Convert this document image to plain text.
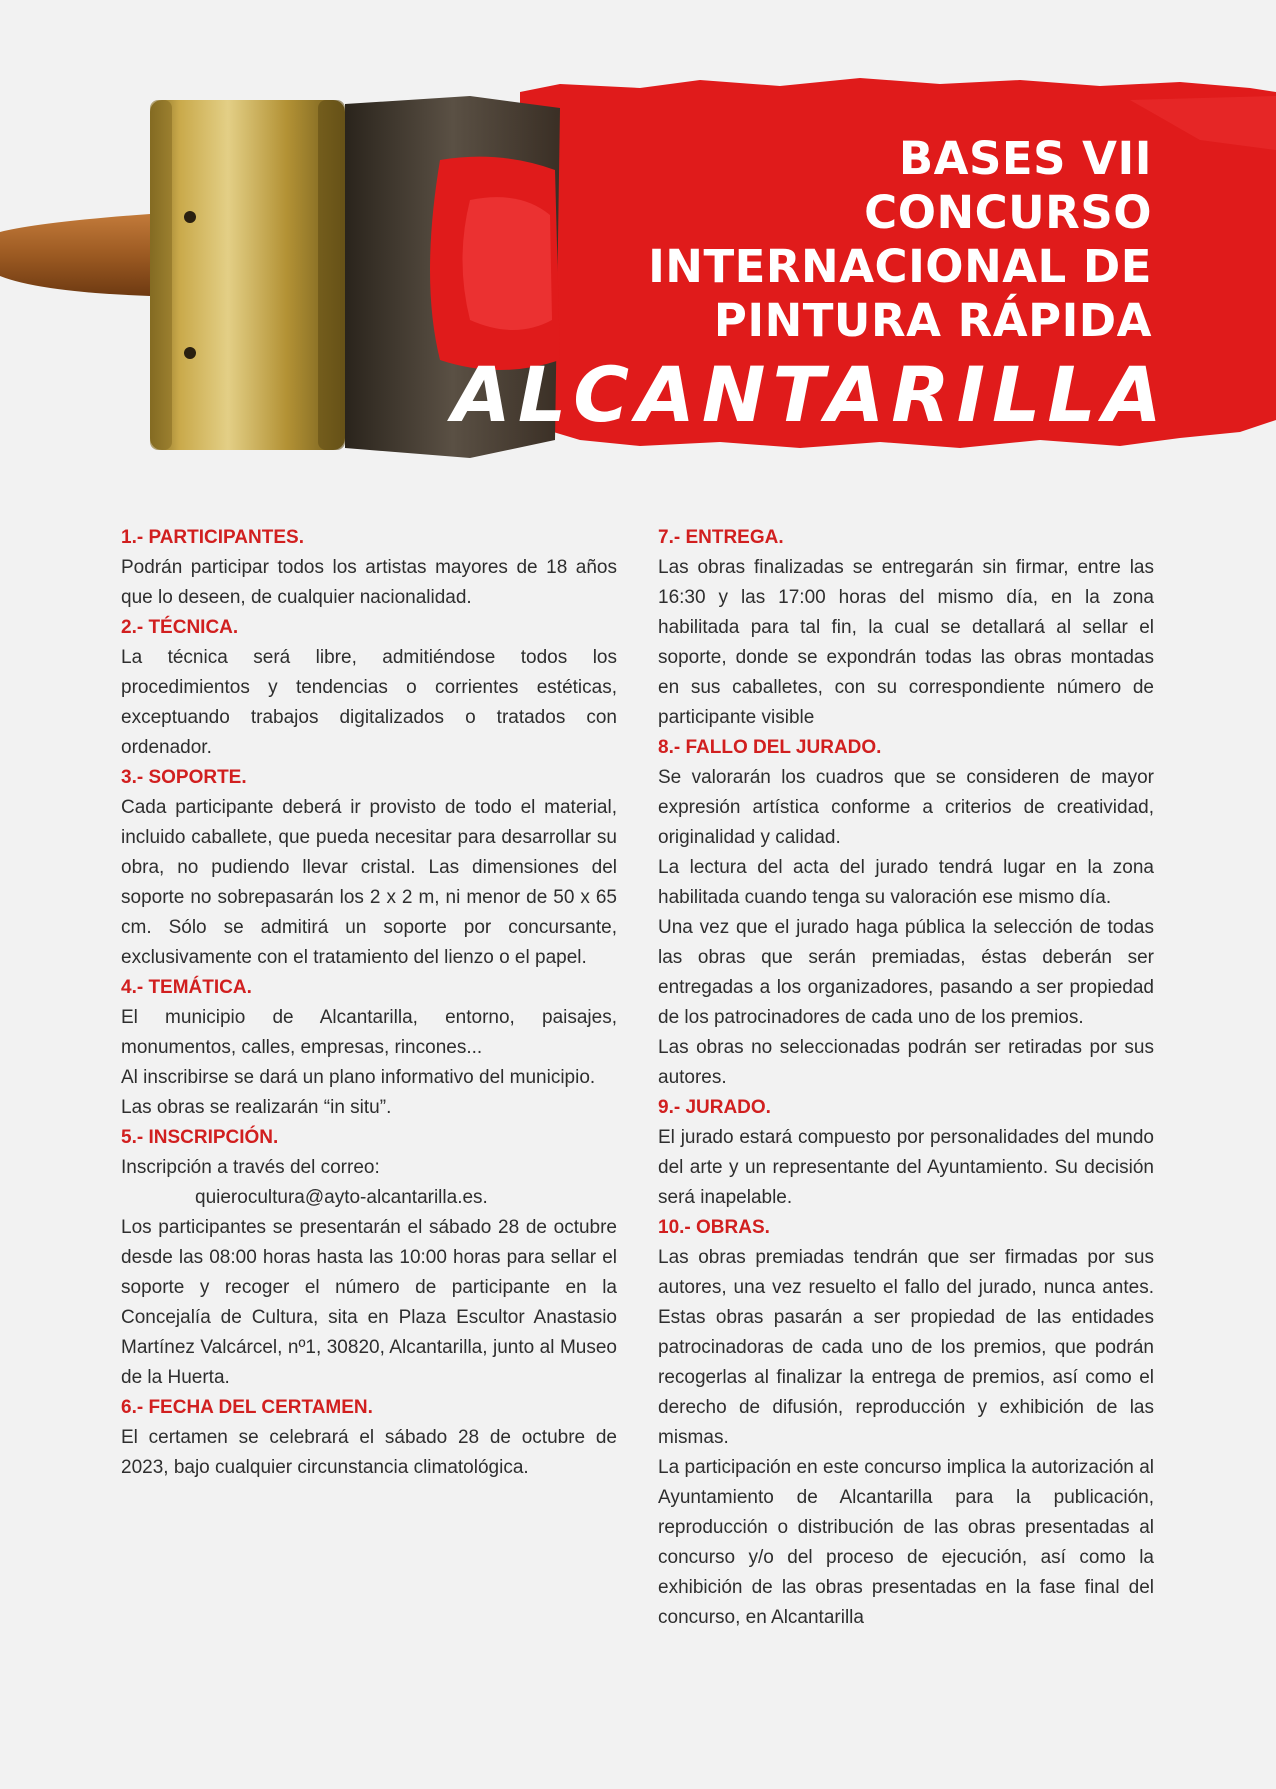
BASES VII
CONCURSO
INTERNACIONAL DE
PINTURA RÁPIDA
ALCANTARILLA

1.- PARTICIPANTES.

Podrán participar todos los artistas mayores de 18 años que lo deseen, de cualquier nacionalidad.

2.- TÉCNICA.

La técnica será libre, admitiéndose todos los procedimientos y tendencias o corrientes estéticas, exceptuando trabajos digitalizados o tratados con ordenador.

3.- SOPORTE.

Cada participante deberá ir provisto de todo el material, incluido caballete, que pueda necesitar para desarrollar su obra, no pudiendo llevar cristal. Las dimensiones del soporte no sobrepasarán los 2 x 2 m, ni menor de 50 x 65 cm. Sólo se admitirá un soporte por concursante, exclusivamente con el tratamiento del lienzo o el papel.

4.- TEMÁTICA.

El municipio de Alcantarilla, entorno, paisajes, monumentos, calles, empresas, rincones...

Al inscribirse se dará un plano informativo del municipio.

Las obras se realizarán “in situ”.

5.- INSCRIPCIÓN.

Inscripción a través del correo:

quierocultura@ayto-alcantarilla.es.

Los participantes se presentarán el sábado 28 de octubre desde las 08:00 horas hasta las 10:00 horas para sellar el soporte y recoger el número de participante en la Concejalía de Cultura, sita en Plaza Escultor Anastasio Martínez Valcárcel, nº1, 30820, Alcantarilla, junto al Museo de la Huerta.

6.- FECHA DEL CERTAMEN.

El certamen se celebrará el sábado 28 de octubre de 2023, bajo cualquier circunstancia climatológica.

7.- ENTREGA.

Las obras finalizadas se entregarán sin firmar, entre las 16:30 y las 17:00 horas del mismo día, en la zona habilitada para tal fin, la cual se detallará al sellar el soporte, donde se expondrán todas las obras montadas en sus caballetes, con su correspondiente número de participante visible

8.- FALLO DEL JURADO.

Se valorarán los cuadros que se consideren de mayor expresión artística conforme a criterios de creatividad, originalidad y calidad.

La lectura del acta del jurado tendrá lugar en la zona habilitada cuando tenga su valoración ese mismo día.

Una vez que el jurado haga pública la selección de todas las obras que serán premiadas, éstas deberán ser entregadas a los organizadores, pasando a ser propiedad de los patrocinadores de cada uno de los premios.

Las obras no seleccionadas podrán ser retiradas por sus autores.

9.- JURADO.

El jurado estará compuesto por personalidades del mundo del arte y un representante del Ayuntamiento. Su decisión será inapelable.

10.- OBRAS.

Las obras premiadas tendrán que ser firmadas por sus autores, una vez resuelto el fallo del jurado, nunca antes. Estas obras pasarán a ser propiedad de las entidades patrocinadoras de cada uno de los premios, que podrán recogerlas al finalizar la entrega de premios, así como el derecho de difusión, reproducción y exhibición de las mismas.

La participación en este concurso implica la autorización al Ayuntamiento de Alcantarilla para la publicación, reproducción o distribución de las obras presentadas al concurso y/o del proceso de ejecución, así como la exhibición de las obras presentadas en la fase final del concurso, en Alcantarilla
